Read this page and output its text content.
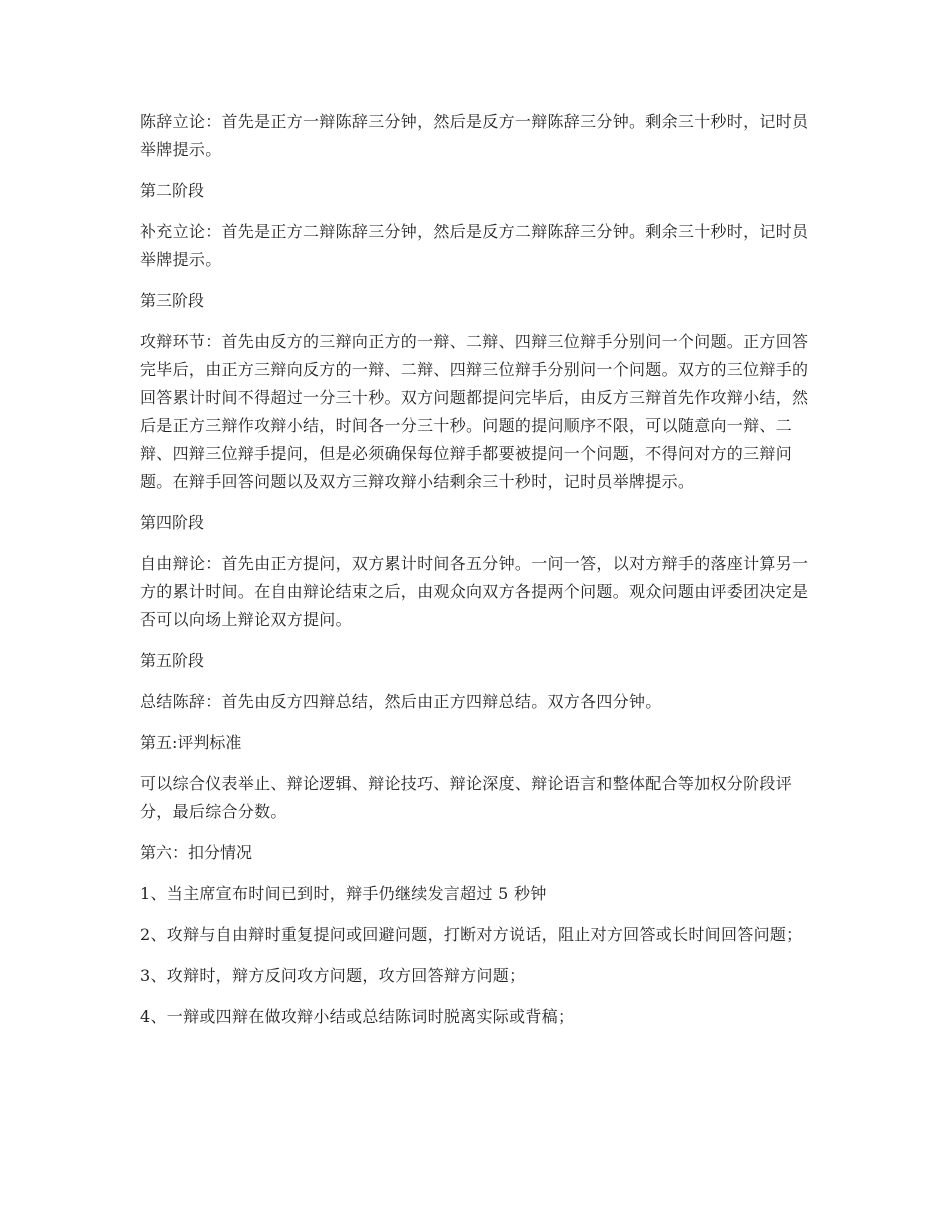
陈辞立论：首先是正方一辩陈辞三分钟，然后是反方一辩陈辞三分钟。剩余三十秒时，记时员举牌提示。

第二阶段

补充立论：首先是正方二辩陈辞三分钟，然后是反方二辩陈辞三分钟。剩余三十秒时，记时员举牌提示。

第三阶段

攻辩环节：首先由反方的三辩向正方的一辩、二辩、四辩三位辩手分别问一个问题。正方回答完毕后，由正方三辩向反方的一辩、二辩、四辩三位辩手分别问一个问题。双方的三位辩手的回答累计时间不得超过一分三十秒。双方问题都提问完毕后，由反方三辩首先作攻辩小结，然后是正方三辩作攻辩小结，时间各一分三十秒。问题的提问顺序不限，可以随意向一辩、二辩、四辩三位辩手提问，但是必须确保每位辩手都要被提问一个问题，不得问对方的三辩问题。在辩手回答问题以及双方三辩攻辩小结剩余三十秒时，记时员举牌提示。

第四阶段

自由辩论：首先由正方提问，双方累计时间各五分钟。一问一答，以对方辩手的落座计算另一方的累计时间。在自由辩论结束之后，由观众向双方各提两个问题。观众问题由评委团决定是否可以向场上辩论双方提问。

第五阶段

总结陈辞：首先由反方四辩总结，然后由正方四辩总结。双方各四分钟。

第五:评判标准

可以综合仪表举止、辩论逻辑、辩论技巧、辩论深度、辩论语言和整体配合等加权分阶段评分，最后综合分数。

第六：扣分情况

1、当主席宣布时间已到时，辩手仍继续发言超过 5 秒钟

2、攻辩与自由辩时重复提问或回避问题，打断对方说话，阻止对方回答或长时间回答问题；

3、攻辩时，辩方反问攻方问题，攻方回答辩方问题；

4、一辩或四辩在做攻辩小结或总结陈词时脱离实际或背稿；
